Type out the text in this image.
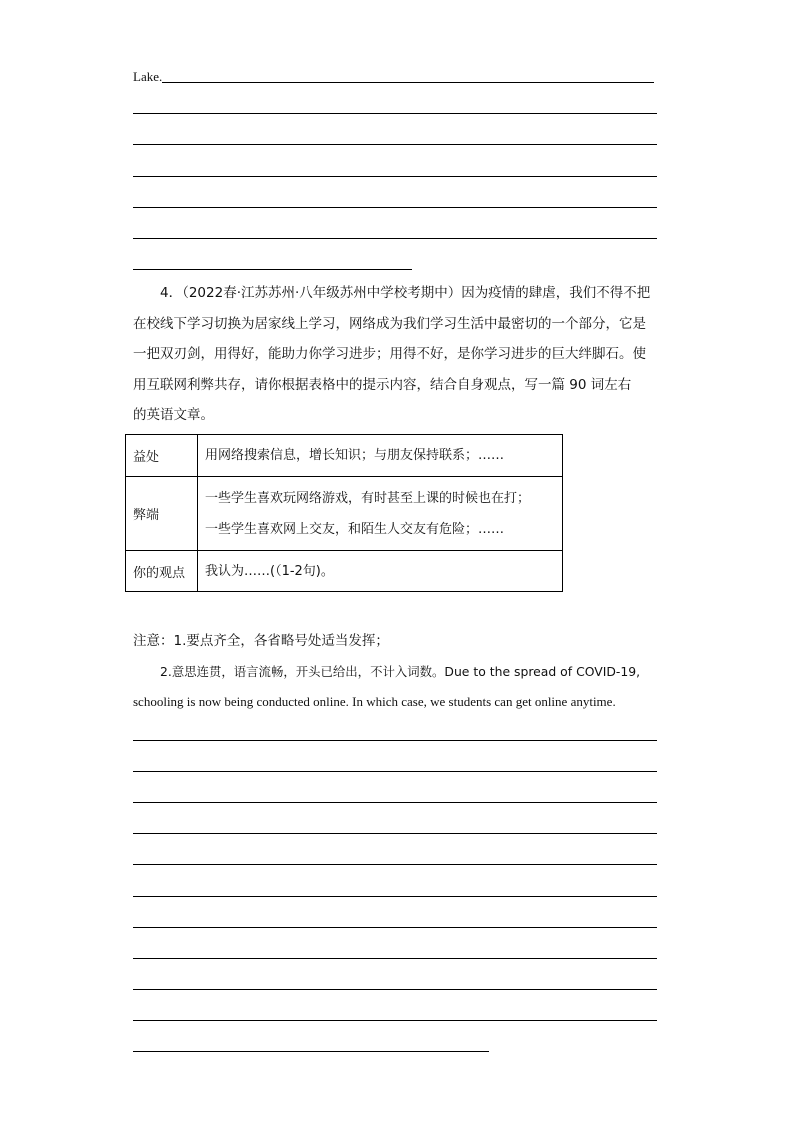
Lake.
4．（2022春·江苏苏州·八年级苏州中学校考期中）因为疫情的肆虐，我们不得不把
在校线下学习切换为居家线上学习，网络成为我们学习生活中最密切的一个部分，它是
一把双刃剑，用得好，能助力你学习进步；用得不好，是你学习进步的巨大绊脚石。使
用互联网利弊共存，请你根据表格中的提示内容，结合自身观点，写一篇 90 词左右
的英语文章。
益处	用网络搜索信息，增长知识；与朋友保持联系；……

弊端	一些学生喜欢玩网络游戏，有时甚至上课的时候也在打；
一些学生喜欢网上交友，和陌生人交友有危险；……

你的观点	我认为……(（1-2句)。
注意：1.要点齐全，各省略号处适当发挥；
2.意思连贯，语言流畅，开头已给出，不计入词数。Due to the spread of COVID-19,
schooling is now being conducted online. In which case, we students can get online anytime.
